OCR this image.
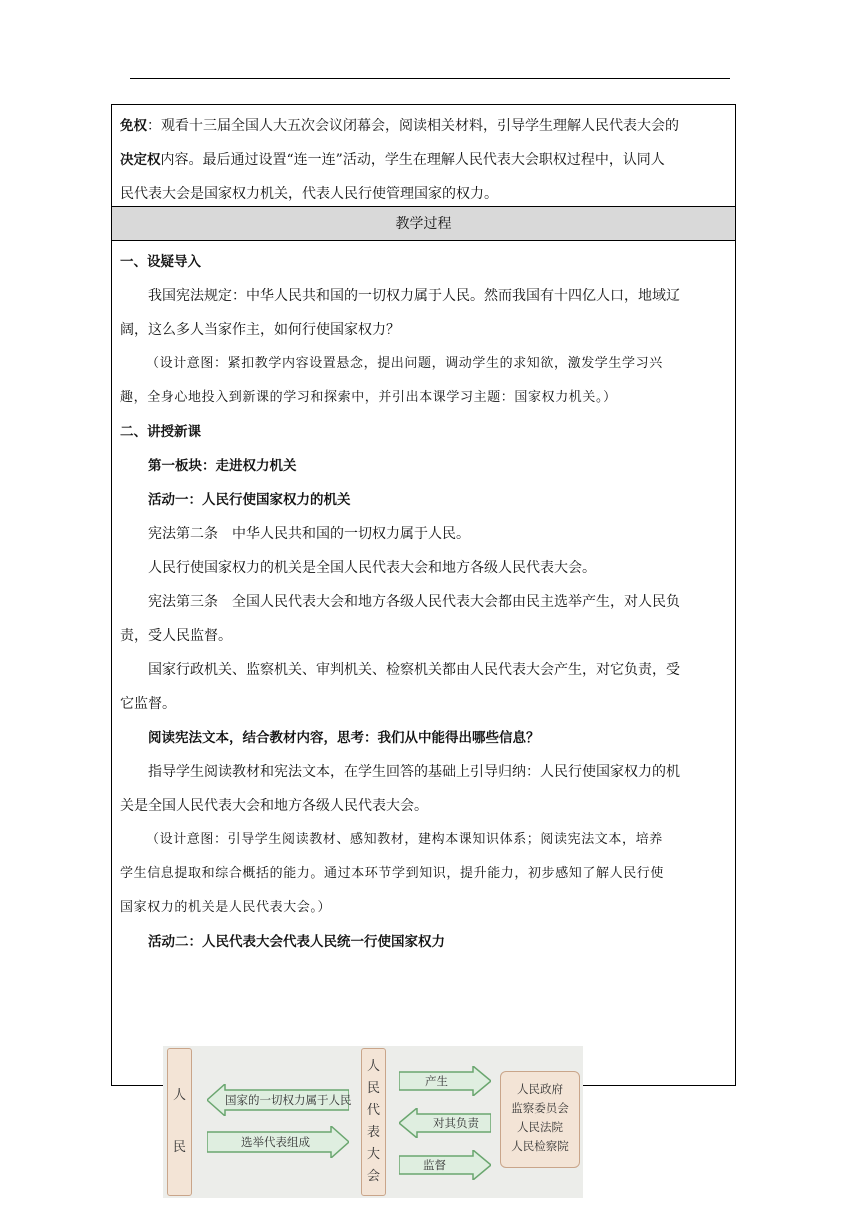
免权：观看十三届全国人大五次会议闭幕会，阅读相关材料，引导学生理解人民代表大会的

决定权内容。最后通过设置“连一连”活动，学生在理解人民代表大会职权过程中，认同人

民代表大会是国家权力机关，代表人民行使管理国家的权力。

教学过程

一、设疑导入

我国宪法规定：中华人民共和国的一切权力属于人民。然而我国有十四亿人口，地域辽

阔，这么多人当家作主，如何行使国家权力？

（设计意图：紧扣教学内容设置悬念，提出问题，调动学生的求知欲，激发学生学习兴

趣，全身心地投入到新课的学习和探索中，并引出本课学习主题：国家权力机关。）

二、讲授新课

第一板块：走进权力机关

活动一：人民行使国家权力的机关

宪法第二条　中华人民共和国的一切权力属于人民。

人民行使国家权力的机关是全国人民代表大会和地方各级人民代表大会。

宪法第三条　全国人民代表大会和地方各级人民代表大会都由民主选举产生，对人民负

责，受人民监督。

国家行政机关、监察机关、审判机关、检察机关都由人民代表大会产生，对它负责，受

它监督。

阅读宪法文本，结合教材内容，思考：我们从中能得出哪些信息？

指导学生阅读教材和宪法文本，在学生回答的基础上引导归纳：人民行使国家权力的机

关是全国人民代表大会和地方各级人民代表大会。

（设计意图：引导学生阅读教材、感知教材，建构本课知识体系；阅读宪法文本，培养

学生信息提取和综合概括的能力。通过本环节学到知识，提升能力，初步感知了解人民行使

国家权力的机关是人民代表大会。）

活动二：人民代表大会代表人民统一行使国家权力

人
民
国家的一切权力属于人民
选举代表组成
人
民
代
表
大
会
产生
对其负责
监督
人民政府
监察委员会
人民法院
人民检察院
